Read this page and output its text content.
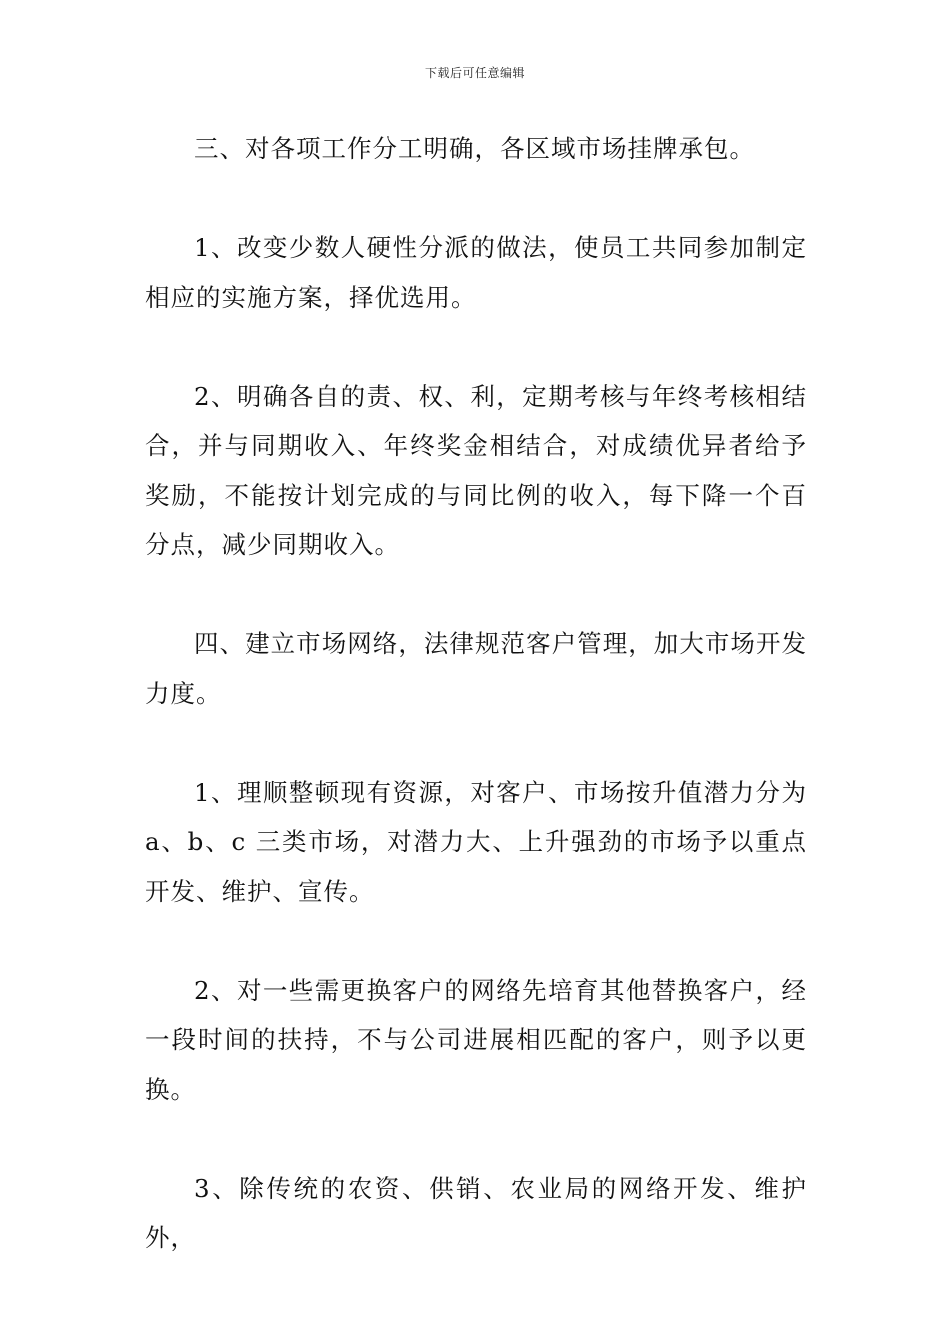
下载后可任意编辑

三、对各项工作分工明确，各区域市场挂牌承包。

1、改变少数人硬性分派的做法，使员工共同参加制定相应的实施方案，择优选用。

2、明确各自的责、权、利，定期考核与年终考核相结合，并与同期收入、年终奖金相结合，对成绩优异者给予奖励，不能按计划完成的与同比例的收入，每下降一个百分点，减少同期收入。

四、建立市场网络，法律规范客户管理，加大市场开发力度。

1、理顺整顿现有资源，对客户、市场按升值潜力分为a、b、c 三类市场，对潜力大、上升强劲的市场予以重点开发、维护、宣传。

2、对一些需更换客户的网络先培育其他替换客户，经一段时间的扶持，不与公司进展相匹配的客户，则予以更换。

3、除传统的农资、供销、农业局的网络开发、维护外，
